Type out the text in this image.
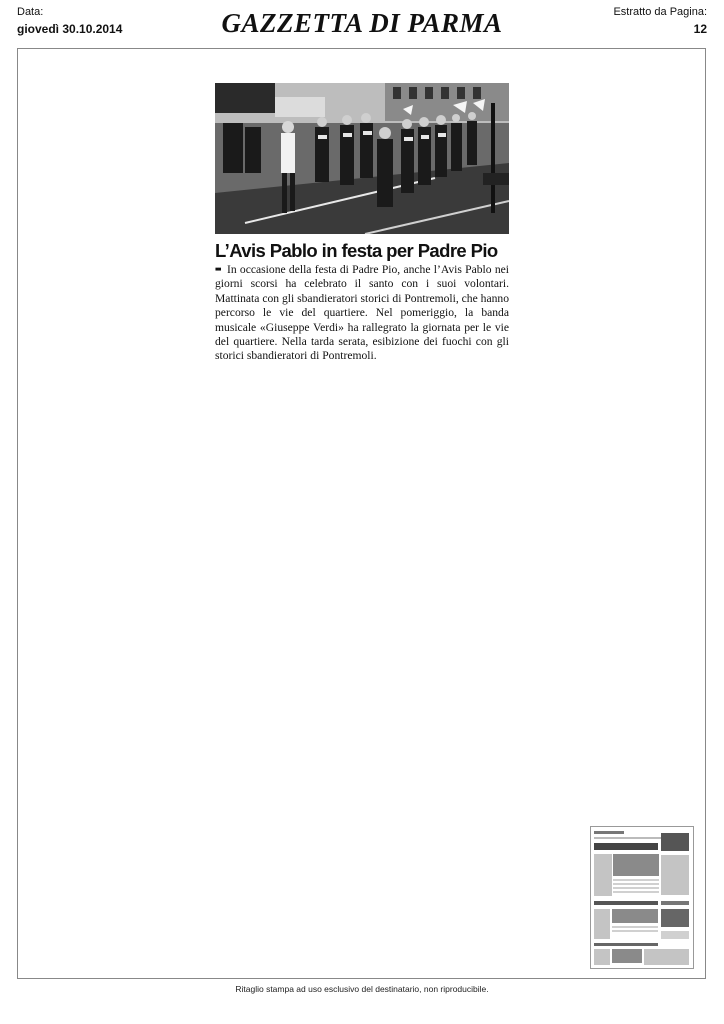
Data:
giovedì 30.10.2014	GAZZETTA DI PARMA	Estratto da Pagina:
12
L’Avis Pablo in festa per Padre Pio
■■ In occasione della festa di Padre Pio, anche l’Avis Pablo nei giorni scorsi ha celebrato il santo con i suoi volontari. Mattinata con gli sbandieratori storici di Pontremoli, che hanno percorso le vie del quartiere. Nel pomeriggio, la banda musicale «Giuseppe Verdi» ha rallegrato la giornata per le vie del quartiere. Nella tarda serata, esibizione dei fuochi con gli storici sbandieratori di Pontremoli.
Ritaglio stampa ad uso esclusivo del destinatario, non riproducibile.
